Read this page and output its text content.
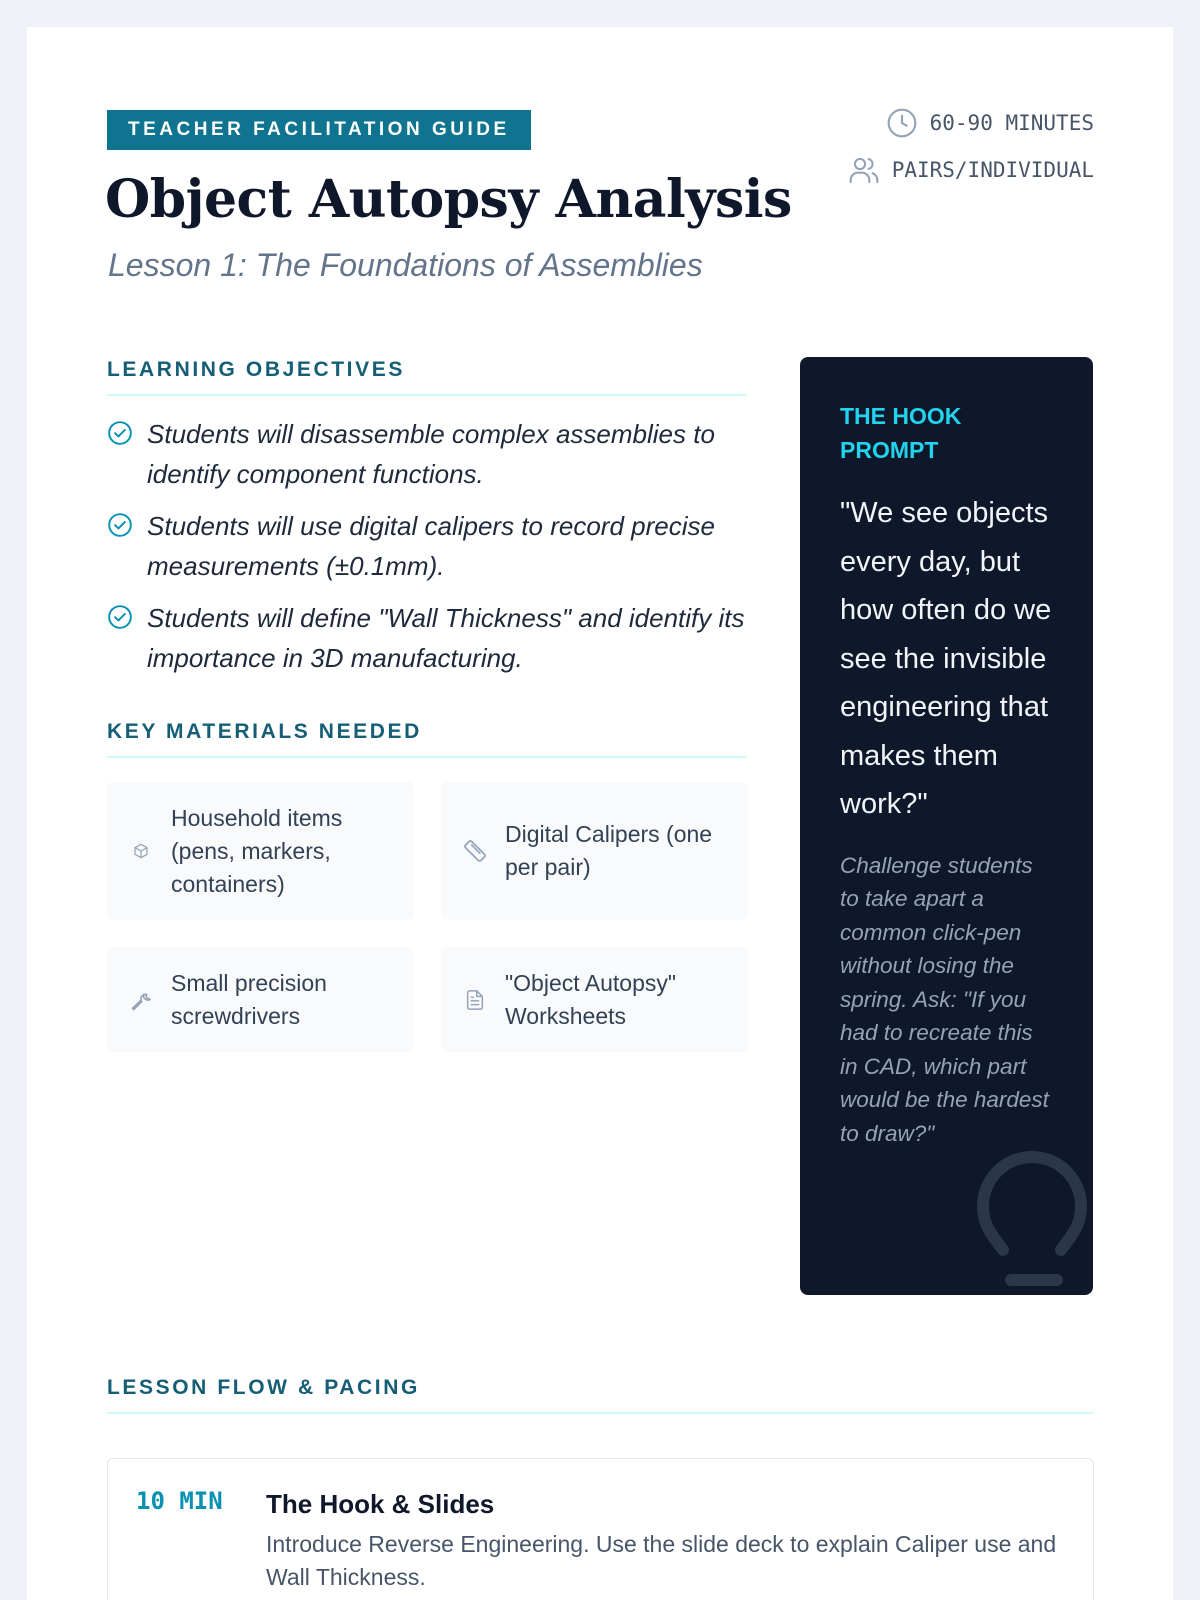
TEACHER FACILITATION GUIDE	60-90 MINUTES
PAIRS/INDIVIDUAL
Object Autopsy Analysis
Lesson 1: The Foundations of Assemblies
LEARNING OBJECTIVES
Students will disassemble complex assemblies to identify component functions.
Students will use digital calipers to record precise measurements (±0.1mm).
Students will define "Wall Thickness" and identify its importance in 3D manufacturing.
KEY MATERIALS NEEDED
Household items (pens, markers, containers)
Digital Calipers (one per pair)
Small precision screwdrivers
"Object Autopsy" Worksheets
THE HOOK PROMPT
"We see objects every day, but how often do we see the invisible engineering that makes them work?"
Challenge students to take apart a common click-pen without losing the spring. Ask: "If you had to recreate this in CAD, which part would be the hardest to draw?"
LESSON FLOW & PACING
10 MIN The Hook & Slides
Introduce Reverse Engineering. Use the slide deck to explain Caliper use and Wall Thickness.
